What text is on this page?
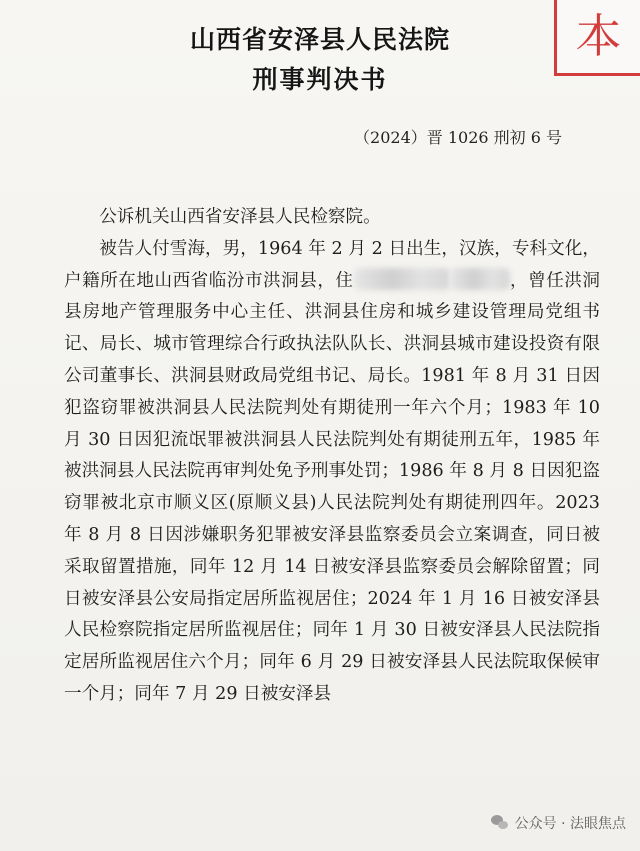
本
山西省安泽县人民法院
刑事判决书
（2024）晋 1026 刑初 6 号

公诉机关山西省安泽县人民检察院。

被告人付雪海，男，1964 年 2 月 2 日出生，汉族，专科文化，户籍所在地山西省临汾市洪洞县，住	，曾任洪洞县房地产管理服务中心主任、洪洞县住房和城乡建设管理局党组书记、局长、城市管理综合行政执法队队长、洪洞县城市建设投资有限公司董事长、洪洞县财政局党组书记、局长。1981 年 8 月 31 日因犯盗窃罪被洪洞县人民法院判处有期徒刑一年六个月；1983 年 10 月 30 日因犯流氓罪被洪洞县人民法院判处有期徒刑五年，1985 年被洪洞县人民法院再审判处免予刑事处罚；1986 年 8 月 8 日因犯盗窃罪被北京市顺义区(原顺义县)人民法院判处有期徒刑四年。2023 年 8 月 8 日因涉嫌职务犯罪被安泽县监察委员会立案调查，同日被采取留置措施，同年 12 月 14 日被安泽县监察委员会解除留置；同日被安泽县公安局指定居所监视居住；2024 年 1 月 16 日被安泽县人民检察院指定居所监视居住；同年 1 月 30 日被安泽县人民法院指定居所监视居住六个月；同年 6 月 29 日被安泽县人民法院取保候审一个月；同年 7 月 29 日被安泽县

公众号 · 法眼焦点
